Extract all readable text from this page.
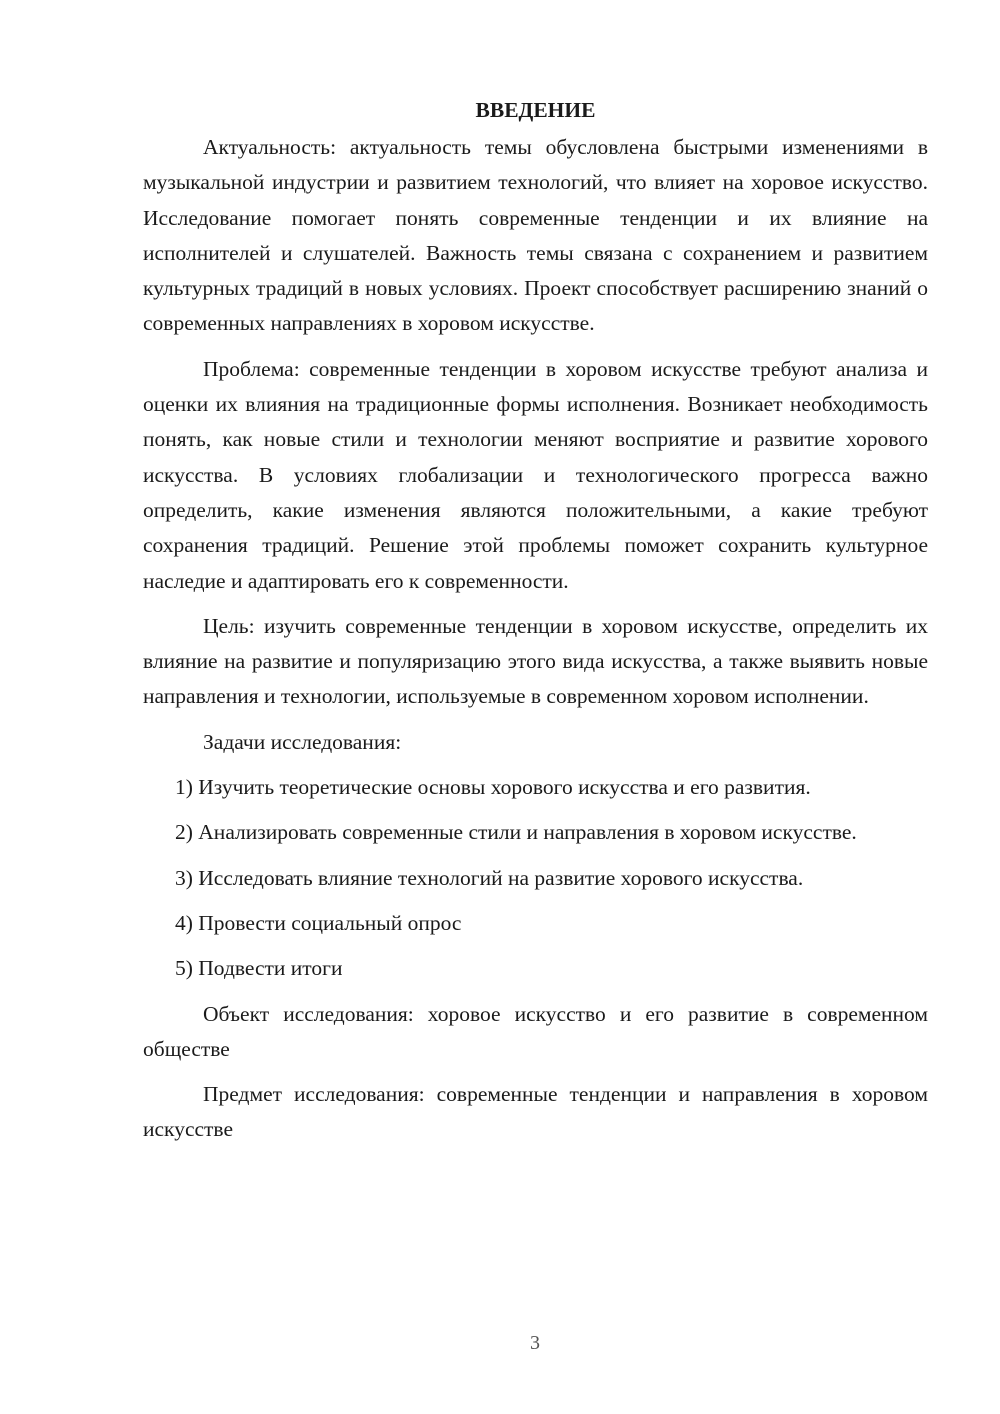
ВВЕДЕНИЕ

Актуальность: актуальность темы обусловлена быстрыми изменениями в музыкальной индустрии и развитием технологий, что влияет на хоровое искусство. Исследование помогает понять современные тенденции и их влияние на исполнителей и слушателей. Важность темы связана с сохранением и развитием культурных традиций в новых условиях. Проект способствует расширению знаний о современных направлениях в хоровом искусстве.

Проблема: современные тенденции в хоровом искусстве требуют анализа и оценки их влияния на традиционные формы исполнения. Возникает необходимость понять, как новые стили и технологии меняют восприятие и развитие хорового искусства. В условиях глобализации и технологического прогресса важно определить, какие изменения являются положительными, а какие требуют сохранения традиций. Решение этой проблемы поможет сохранить культурное наследие и адаптировать его к современности.

Цель: изучить современные тенденции в хоровом искусстве, определить их влияние на развитие и популяризацию этого вида искусства, а также выявить новые направления и технологии, используемые в современном хоровом исполнении.

Задачи исследования:

1) Изучить теоретические основы хорового искусства и его развития.

2) Анализировать современные стили и направления в хоровом искусстве.

3) Исследовать влияние технологий на развитие хорового искусства.

4) Провести социальный опрос

5) Подвести итоги

Объект исследования: хоровое искусство и его развитие в современном обществе

Предмет исследования: современные тенденции и направления в хоровом искусстве

3
